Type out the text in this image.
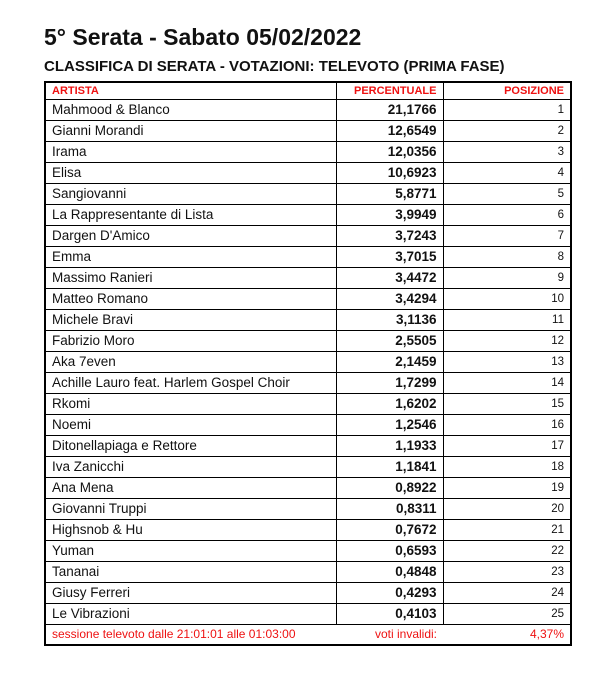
5° Serata - Sabato 05/02/2022
CLASSIFICA DI SERATA - VOTAZIONI: TELEVOTO (PRIMA FASE)
ARTISTA	PERCENTUALE	POSIZIONE
Mahmood & Blanco	21,1766	1
Gianni Morandi	12,6549	2
Irama	12,0356	3
Elisa	10,6923	4
Sangiovanni	5,8771	5
La Rappresentante di Lista	3,9949	6
Dargen D'Amico	3,7243	7
Emma	3,7015	8
Massimo Ranieri	3,4472	9
Matteo Romano	3,4294	10
Michele Bravi	3,1136	11
Fabrizio Moro	2,5505	12
Aka 7even	2,1459	13
Achille Lauro feat. Harlem Gospel Choir	1,7299	14
Rkomi	1,6202	15
Noemi	1,2546	16
Ditonellapiaga e Rettore	1,1933	17
Iva Zanicchi	1,1841	18
Ana Mena	0,8922	19
Giovanni Truppi	0,8311	20
Highsnob & Hu	0,7672	21
Yuman	0,6593	22
Tananai	0,4848	23
Giusy Ferreri	0,4293	24
Le Vibrazioni	0,4103	25
sessione televoto dalle 21:01:01 alle 01:03:00	voti invalidi:	4,37%
